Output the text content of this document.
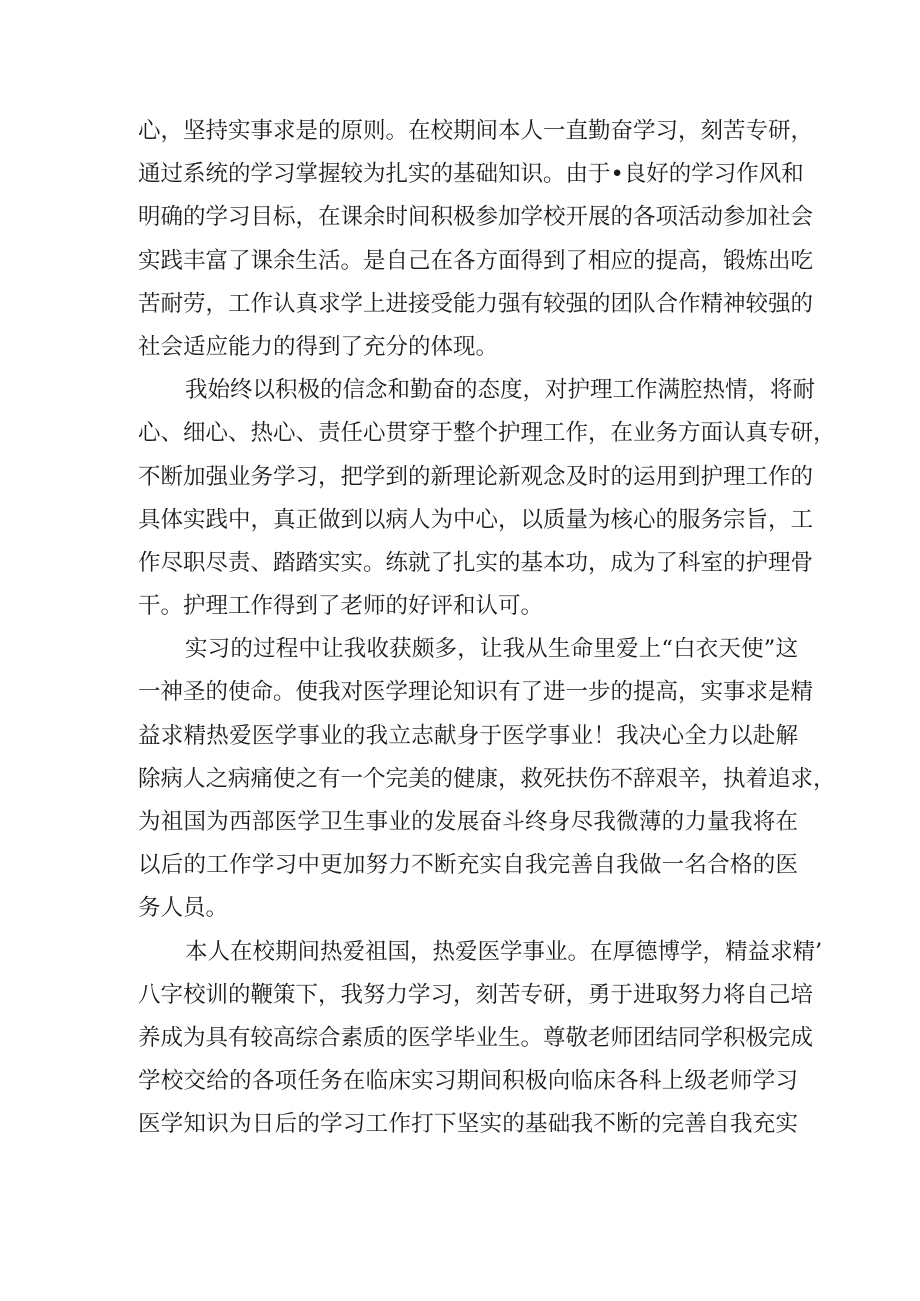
心，坚持实事求是的原则。在校期间本人一直勤奋学习，刻苦专研，
通过系统的学习掌握较为扎实的基础知识。由于•良好的学习作风和
明确的学习目标，在课余时间积极参加学校开展的各项活动参加社会
实践丰富了课余生活。是自己在各方面得到了相应的提高，锻炼出吃
苦耐劳，工作认真求学上进接受能力强有较强的团队合作精神较强的
社会适应能力的得到了充分的体现。
我始终以积极的信念和勤奋的态度，对护理工作满腔热情，将耐
心、细心、热心、责任心贯穿于整个护理工作，在业务方面认真专研，
不断加强业务学习，把学到的新理论新观念及时的运用到护理工作的
具体实践中，真正做到以病人为中心，以质量为核心的服务宗旨，工
作尽职尽责、踏踏实实。练就了扎实的基本功，成为了科室的护理骨
干。护理工作得到了老师的好评和认可。
实习的过程中让我收获颇多，让我从生命里爱上“白衣天使”这
一神圣的使命。使我对医学理论知识有了进一步的提高，实事求是精
益求精热爱医学事业的我立志献身于医学事业！我决心全力以赴解
除病人之病痛使之有一个完美的健康，救死扶伤不辞艰辛，执着追求，
为祖国为西部医学卫生事业的发展奋斗终身尽我微薄的力量我将在
以后的工作学习中更加努力不断充实自我完善自我做一名合格的医
务人员。
本人在校期间热爱祖国，热爱医学事业。在厚德博学，精益求精’
八字校训的鞭策下，我努力学习，刻苦专研，勇于进取努力将自己培
养成为具有较高综合素质的医学毕业生。尊敬老师团结同学积极完成
学校交给的各项任务在临床实习期间积极向临床各科上级老师学习
医学知识为日后的学习工作打下坚实的基础我不断的完善自我充实
